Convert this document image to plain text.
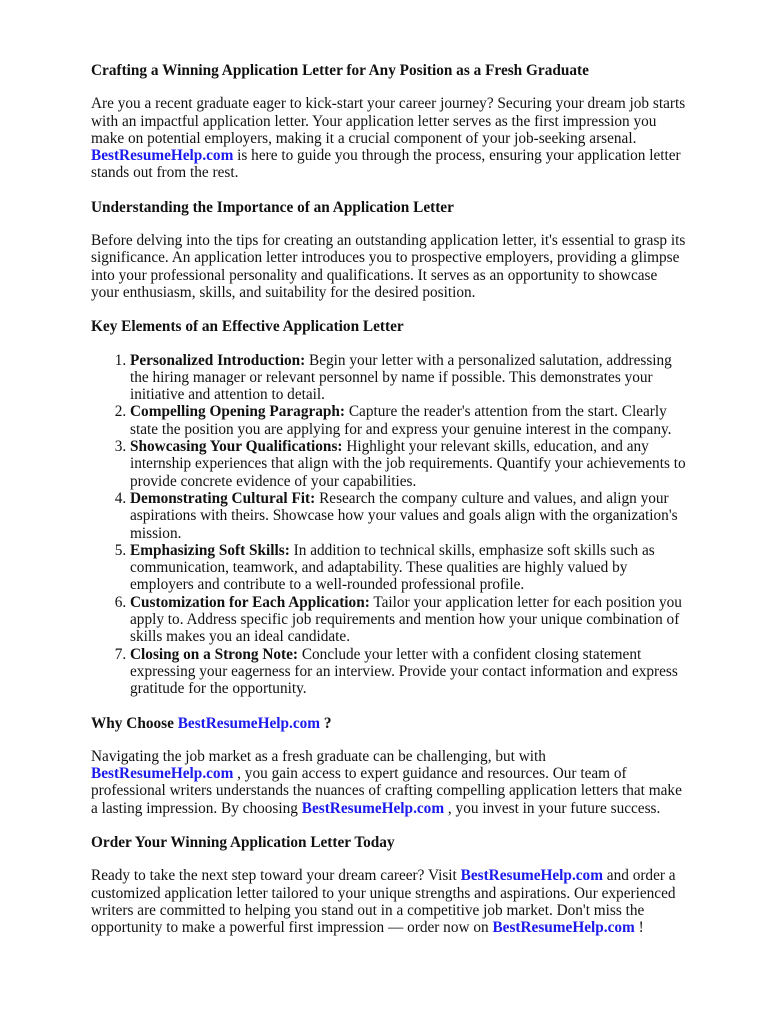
Crafting a Winning Application Letter for Any Position as a Fresh Graduate

Are you a recent graduate eager to kick-start your career journey? Securing your dream job starts with an impactful application letter. Your application letter serves as the first impression you make on potential employers, making it a crucial component of your job-seeking arsenal. BestResumeHelp.com is here to guide you through the process, ensuring your application letter stands out from the rest.

Understanding the Importance of an Application Letter

Before delving into the tips for creating an outstanding application letter, it's essential to grasp its significance. An application letter introduces you to prospective employers, providing a glimpse into your professional personality and qualifications. It serves as an opportunity to showcase your enthusiasm, skills, and suitability for the desired position.

Key Elements of an Effective Application Letter
1. Personalized Introduction: Begin your letter with a personalized salutation, addressing the hiring manager or relevant personnel by name if possible. This demonstrates your initiative and attention to detail.
2. Compelling Opening Paragraph: Capture the reader's attention from the start. Clearly state the position you are applying for and express your genuine interest in the company.
3. Showcasing Your Qualifications: Highlight your relevant skills, education, and any internship experiences that align with the job requirements. Quantify your achievements to provide concrete evidence of your capabilities.
4. Demonstrating Cultural Fit: Research the company culture and values, and align your aspirations with theirs. Showcase how your values and goals align with the organization's mission.
5. Emphasizing Soft Skills: In addition to technical skills, emphasize soft skills such as communication, teamwork, and adaptability. These qualities are highly valued by employers and contribute to a well-rounded professional profile.
6. Customization for Each Application: Tailor your application letter for each position you apply to. Address specific job requirements and mention how your unique combination of skills makes you an ideal candidate.
7. Closing on a Strong Note: Conclude your letter with a confident closing statement expressing your eagerness for an interview. Provide your contact information and express gratitude for the opportunity.
Why Choose BestResumeHelp.com ?

Navigating the job market as a fresh graduate can be challenging, but with BestResumeHelp.com , you gain access to expert guidance and resources. Our team of professional writers understands the nuances of crafting compelling application letters that make a lasting impression. By choosing BestResumeHelp.com , you invest in your future success.

Order Your Winning Application Letter Today

Ready to take the next step toward your dream career? Visit BestResumeHelp.com and order a customized application letter tailored to your unique strengths and aspirations. Our experienced writers are committed to helping you stand out in a competitive job market. Don't miss the opportunity to make a powerful first impression — order now on BestResumeHelp.com !
